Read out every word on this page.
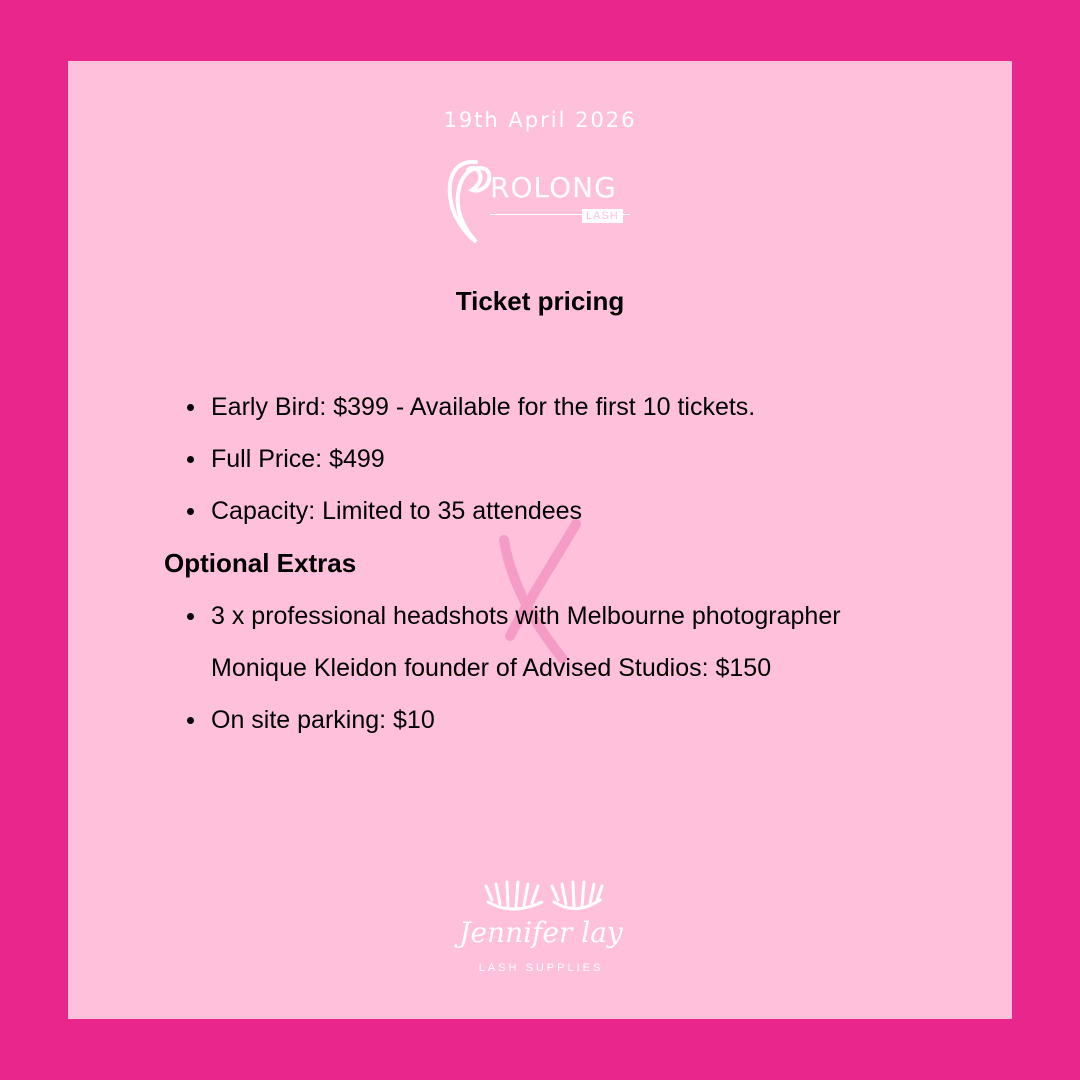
19th April 2026
ROLONG
LASH
Ticket pricing
Early Bird: $399 - Available for the first 10 tickets.
Full Price: $499
Capacity: Limited to 35 attendees
Optional Extras
3 x professional headshots with Melbourne photographer Monique Kleidon founder of Advised Studios: $150
On site parking: $10
Jennifer lay
LASH SUPPLIES
